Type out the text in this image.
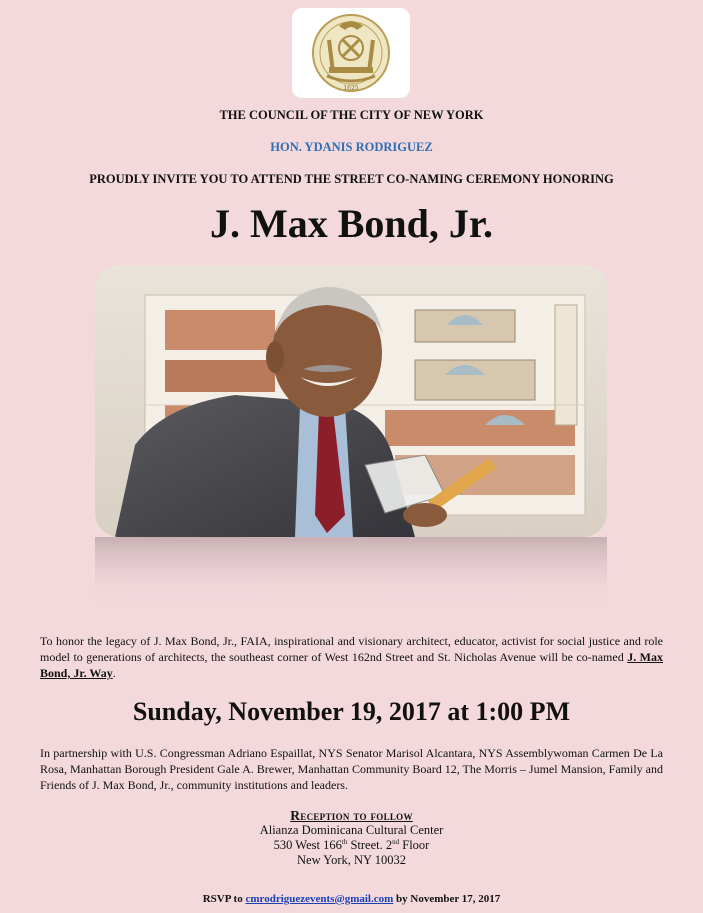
1625
THE COUNCIL OF THE CITY OF NEW YORK
HON. YDANIS RODRIGUEZ
PROUDLY INVITE YOU TO ATTEND THE STREET CO-NAMING CEREMONY HONORING
J. Max Bond, Jr.

To honor the legacy of J. Max Bond, Jr., FAIA, inspirational and visionary architect, educator, activist for social justice and role model to generations of architects, the southeast corner of West 162nd Street and St. Nicholas Avenue will be co-named J. Max Bond, Jr. Way.

Sunday, November 19, 2017 at 1:00 PM

In partnership with U.S. Congressman Adriano Espaillat, NYS Senator Marisol Alcantara, NYS Assemblywoman Carmen De La Rosa, Manhattan Borough President Gale A. Brewer, Manhattan Community Board 12, The Morris – Jumel Mansion, Family and Friends of J. Max Bond, Jr., community institutions and leaders.

Reception to follow
Alianza Dominicana Cultural Center
530 West 166th Street. 2nd Floor
New York, NY 10032
RSVP to cmrodriguezevents@gmail.com by November 17, 2017
